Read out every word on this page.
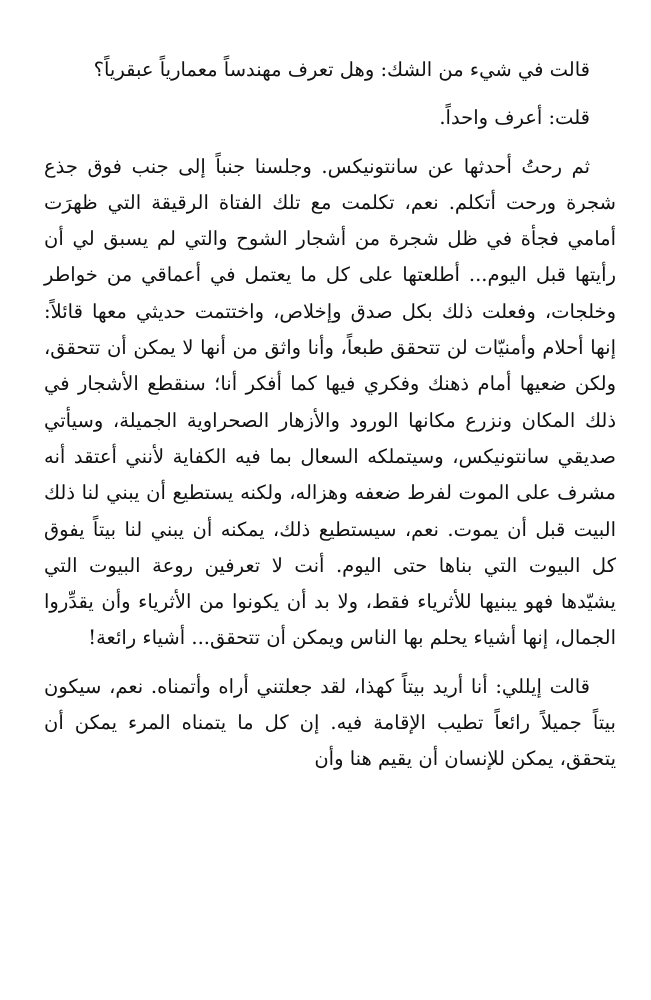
قالت في شيء من الشك: وهل تعرف مهندساً معمارياً عبقرياً؟

قلت: أعرف واحداً.

ثم رحتُ أحدثها عن سانتونيكس. وجلسنا جنباً إلى جنب فوق جذع شجرة ورحت أتكلم. نعم، تكلمت مع تلك الفتاة الرقيقة التي ظهرَت أمامي فجأة في ظل شجرة من أشجار الشوح والتي لم يسبق لي أن رأيتها قبل اليوم... أطلعتها على كل ما يعتمل في أعماقي من خواطر وخلجات، وفعلت ذلك بكل صدق وإخلاص، واختتمت حديثي معها قائلاً: إنها أحلام وأمنيّات لن تتحقق طبعاً، وأنا واثق من أنها لا يمكن أن تتحقق، ولكن ضعيها أمام ذهنك وفكري فيها كما أفكر أنا؛ سنقطع الأشجار في ذلك المكان ونزرع مكانها الورود والأزهار الصحراوية الجميلة، وسيأتي صديقي سانتونيكس، وسيتملكه السعال بما فيه الكفاية لأنني أعتقد أنه مشرف على الموت لفرط ضعفه وهزاله، ولكنه يستطيع أن يبني لنا ذلك البيت قبل أن يموت. نعم، سيستطيع ذلك، يمكنه أن يبني لنا بيتاً يفوق كل البيوت التي بناها حتى اليوم. أنت لا تعرفين روعة البيوت التي يشيّدها فهو يبنيها للأثرياء فقط، ولا بد أن يكونوا من الأثرياء وأن يقدِّروا الجمال، إنها أشياء يحلم بها الناس ويمكن أن تتحقق... أشياء رائعة!

قالت إيللي: أنا أريد بيتاً كهذا، لقد جعلتني أراه وأتمناه. نعم، سيكون بيتاً جميلاً رائعاً تطيب الإقامة فيه. إن كل ما يتمناه المرء يمكن أن يتحقق، يمكن للإنسان أن يقيم هنا وأن
